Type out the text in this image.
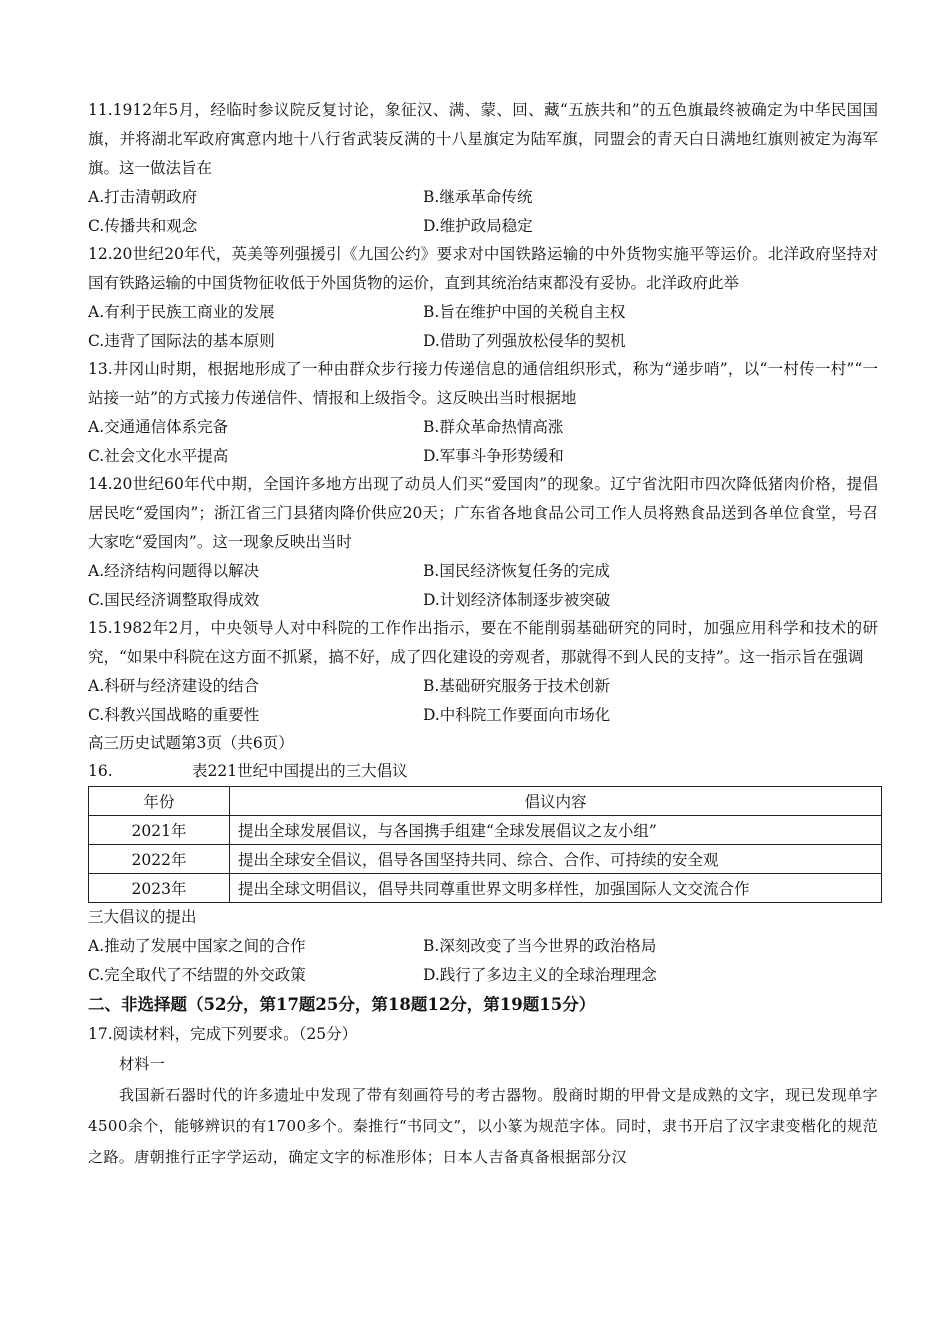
11.1912年5月，经临时参议院反复讨论，象征汉、满、蒙、回、藏“五族共和”的五色旗最终被确定为中华民国国旗，并将湖北军政府寓意内地十八行省武装反满的十八星旗定为陆军旗，同盟会的青天白日满地红旗则被定为海军旗。这一做法旨在

A.打击清朝政府	B.继承革命传统
C.传播共和观念	D.维护政局稳定

12.20世纪20年代，英美等列强援引《九国公约》要求对中国铁路运输的中外货物实施平等运价。北洋政府坚持对国有铁路运输的中国货物征收低于外国货物的运价，直到其统治结束都没有妥协。北洋政府此举

A.有利于民族工商业的发展	B.旨在维护中国的关税自主权
C.违背了国际法的基本原则	D.借助了列强放松侵华的契机

13.井冈山时期，根据地形成了一种由群众步行接力传递信息的通信组织形式，称为“递步哨”，以“一村传一村”“一站接一站”的方式接力传递信件、情报和上级指令。这反映出当时根据地

A.交通通信体系完备	B.群众革命热情高涨
C.社会文化水平提高	D.军事斗争形势缓和

14.20世纪60年代中期，全国许多地方出现了动员人们买“爱国肉”的现象。辽宁省沈阳市四次降低猪肉价格，提倡居民吃“爱国肉”；浙江省三门县猪肉降价供应20天；广东省各地食品公司工作人员将熟食品送到各单位食堂，号召大家吃“爱国肉”。这一现象反映出当时

A.经济结构问题得以解决	B.国民经济恢复任务的完成
C.国民经济调整取得成效	D.计划经济体制逐步被突破

15.1982年2月，中央领导人对中科院的工作作出指示，要在不能削弱基础研究的同时，加强应用科学和技术的研究，“如果中科院在这方面不抓紧，搞不好，成了四化建设的旁观者，那就得不到人民的支持”。这一指示旨在强调

A.科研与经济建设的结合	B.基础研究服务于技术创新
C.科教兴国战略的重要性	D.中科院工作要面向市场化

高三历史试题第3页（共6页）

16.	表221世纪中国提出的三大倡议

年份	倡议内容
2021年	提出全球发展倡议，与各国携手组建“全球发展倡议之友小组”
2022年	提出全球安全倡议，倡导各国坚持共同、综合、合作、可持续的安全观
2023年	提出全球文明倡议，倡导共同尊重世界文明多样性，加强国际人文交流合作

三大倡议的提出

A.推动了发展中国家之间的合作	B.深刻改变了当今世界的政治格局
C.完全取代了不结盟的外交政策	D.践行了多边主义的全球治理理念

二、非选择题（52分，第17题25分，第18题12分，第19题15分）

17.阅读材料，完成下列要求。（25分）

材料一

我国新石器时代的许多遗址中发现了带有刻画符号的考古器物。殷商时期的甲骨文是成熟的文字，现已发现单字4500余个，能够辨识的有1700多个。秦推行“书同文”，以小篆为规范字体。同时，隶书开启了汉字隶变楷化的规范之路。唐朝推行正字学运动，确定文字的标准形体；日本人吉备真备根据部分汉
